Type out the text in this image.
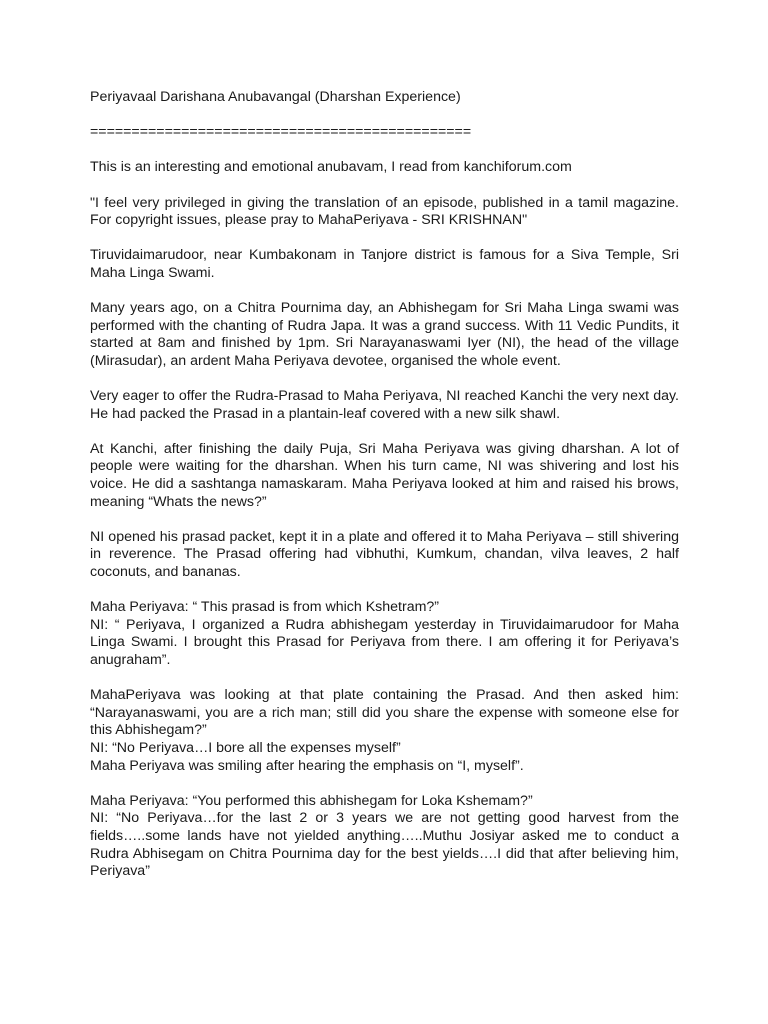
Periyavaal Darishana Anubavangal (Dharshan Experience)

==============================================

This is an interesting and emotional anubavam, I read from kanchiforum.com
"I feel very privileged in giving the translation of an episode, published in a tamil magazine. For copyright issues, please pray to MahaPeriyava - SRI KRISHNAN"
Tiruvidaimarudoor, near Kumbakonam in Tanjore district is famous for a Siva Temple, Sri Maha Linga Swami.
Many years ago, on a Chitra Pournima day, an Abhishegam for Sri Maha Linga swami was performed with the chanting of Rudra Japa. It was a grand success. With 11 Vedic Pundits, it started at 8am and finished by 1pm. Sri Narayanaswami Iyer (NI), the head of the village (Mirasudar), an ardent Maha Periyava devotee, organised the whole event.
Very eager to offer the Rudra-Prasad to Maha Periyava, NI reached Kanchi the very next day. He had packed the Prasad in a plantain-leaf covered with a new silk shawl.
At Kanchi, after finishing the daily Puja, Sri Maha Periyava was giving dharshan. A lot of people were waiting for the dharshan. When his turn came, NI was shivering and lost his voice. He did a sashtanga namaskaram. Maha Periyava looked at him and raised his brows, meaning “Whats the news?”
NI opened his prasad packet, kept it in a plate and offered it to Maha Periyava – still shivering in reverence. The Prasad offering had vibhuthi, Kumkum, chandan, vilva leaves, 2 half coconuts, and bananas.
Maha Periyava: “ This prasad is from which Kshetram?”
NI: “ Periyava, I organized a Rudra abhishegam yesterday in Tiruvidaimarudoor for Maha Linga Swami. I brought this Prasad for Periyava from there. I am offering it for Periyava’s anugraham”.
MahaPeriyava was looking at that plate containing the Prasad. And then asked him: “Narayanaswami, you are a rich man; still did you share the expense with someone else for this Abhishegam?”
NI: “No Periyava…I bore all the expenses myself”
Maha Periyava was smiling after hearing the emphasis on “I, myself”.
Maha Periyava: “You performed this abhishegam for Loka Kshemam?”
NI: “No Periyava…for the last 2 or 3 years we are not getting good harvest from the fields…..some lands have not yielded anything…..Muthu Josiyar asked me to conduct a Rudra Abhisegam on Chitra Pournima day for the best yields….I did that after believing him, Periyava”
